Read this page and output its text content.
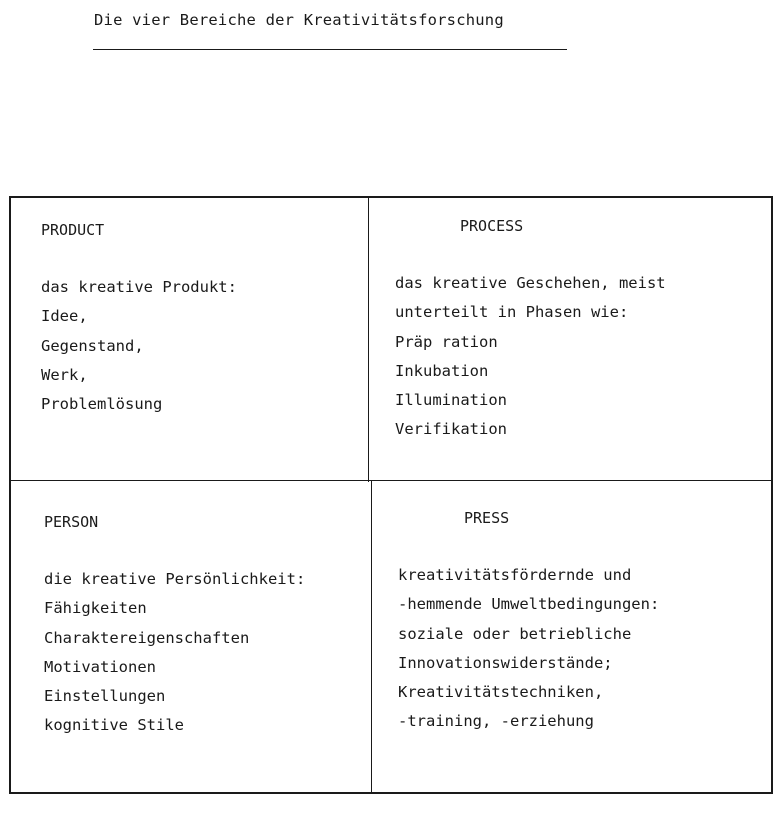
Die vier Bereiche der Kreativitätsforschung
PRODUCT
das kreative Produkt:
Idee,
Gegenstand,
Werk,
Problemlösung
PROCESS
das kreative Geschehen, meist
unterteilt in Phasen wie:
Präp ration
Inkubation
Illumination
Verifikation
PERSON
die kreative Persönlichkeit:
Fähigkeiten
Charaktereigenschaften
Motivationen
Einstellungen
kognitive Stile
PRESS
kreativitätsfördernde und
-hemmende Umweltbedingungen:
soziale oder betriebliche
Innovationswiderstände;
Kreativitätstechniken,
-training, -erziehung
